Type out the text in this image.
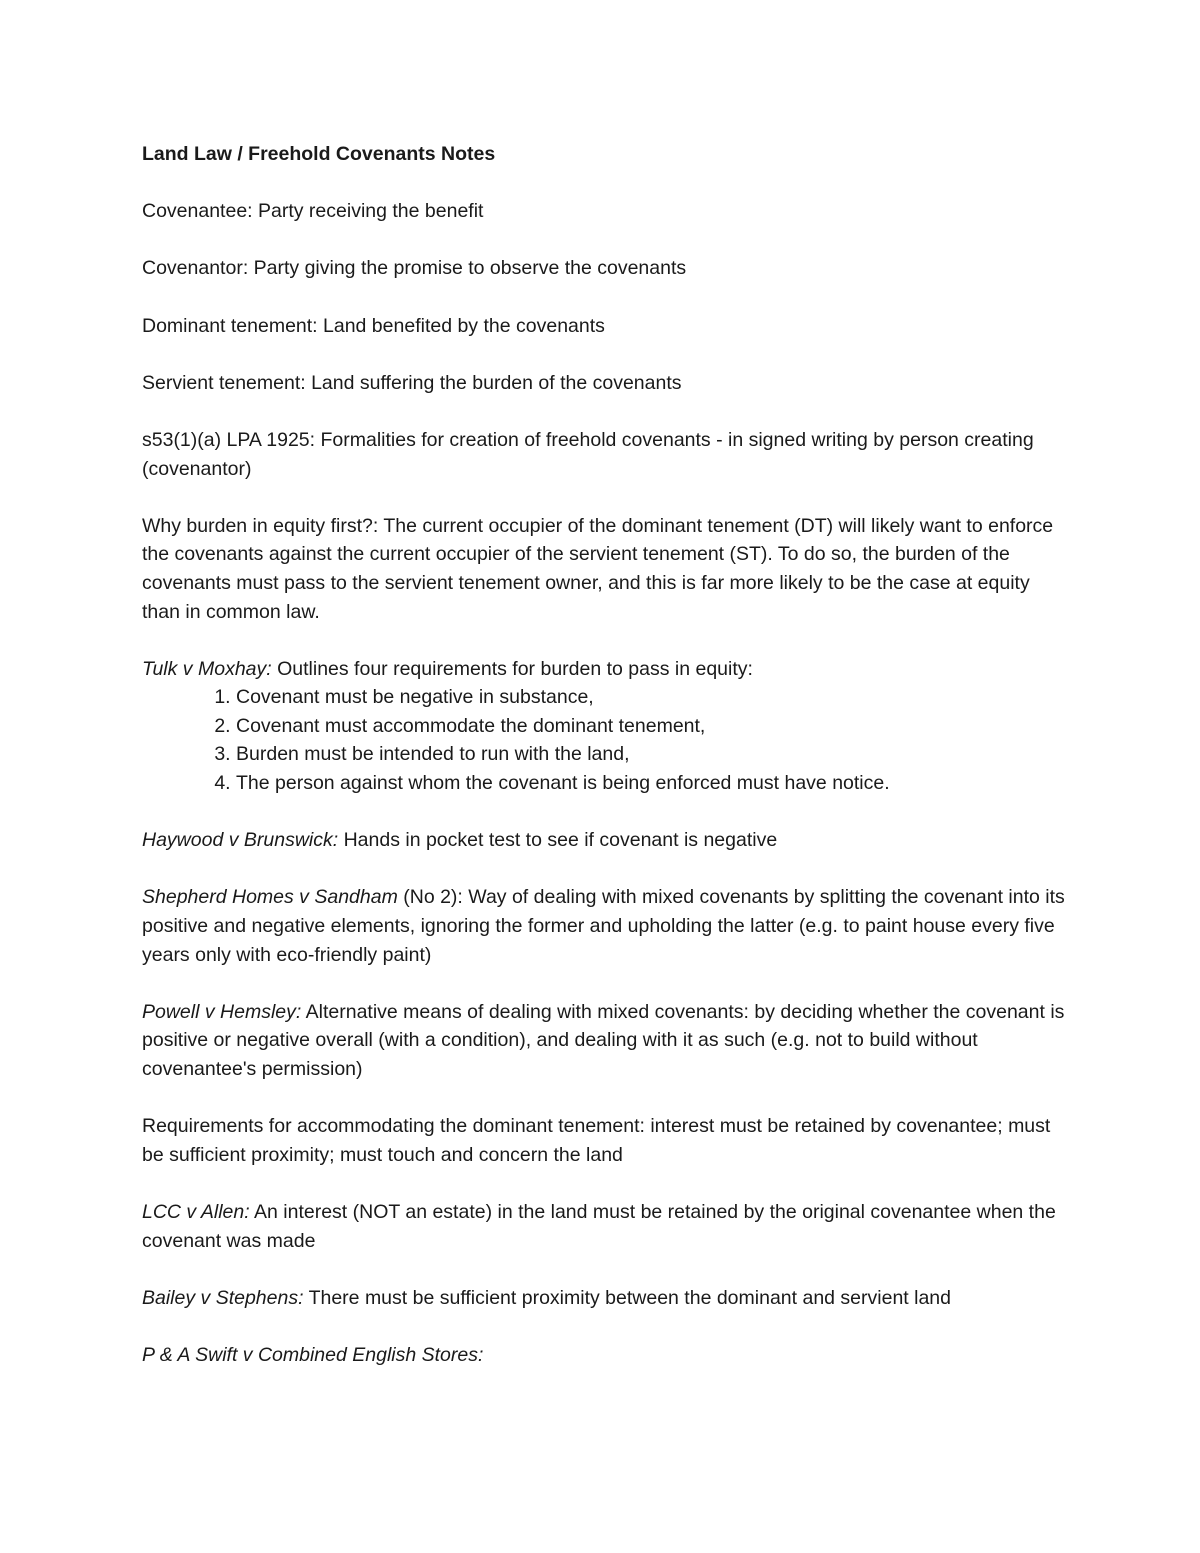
Land Law / Freehold Covenants Notes

Covenantee: Party receiving the benefit

Covenantor: Party giving the promise to observe the covenants

Dominant tenement: Land benefited by the covenants

Servient tenement: Land suffering the burden of the covenants

s53(1)(a) LPA 1925: Formalities for creation of freehold covenants - in signed writing by person creating (covenantor)

Why burden in equity first?: The current occupier of the dominant tenement (DT) will likely want to enforce the covenants against the current occupier of the servient tenement (ST). To do so, the burden of the covenants must pass to the servient tenement owner, and this is far more likely to be the case at equity than in common law.

Tulk v Moxhay: Outlines four requirements for burden to pass in equity:
1. Covenant must be negative in substance,
2. Covenant must accommodate the dominant tenement,
3. Burden must be intended to run with the land,
4. The person against whom the covenant is being enforced must have notice.

Haywood v Brunswick: Hands in pocket test to see if covenant is negative

Shepherd Homes v Sandham (No 2): Way of dealing with mixed covenants by splitting the covenant into its positive and negative elements, ignoring the former and upholding the latter (e.g. to paint house every five years only with eco-friendly paint)

Powell v Hemsley: Alternative means of dealing with mixed covenants: by deciding whether the covenant is positive or negative overall (with a condition), and dealing with it as such (e.g. not to build without covenantee's permission)

Requirements for accommodating the dominant tenement: interest must be retained by covenantee; must be sufficient proximity; must touch and concern the land

LCC v Allen: An interest (NOT an estate) in the land must be retained by the original covenantee when the covenant was made

Bailey v Stephens: There must be sufficient proximity between the dominant and servient land

P & A Swift v Combined English Stores:
